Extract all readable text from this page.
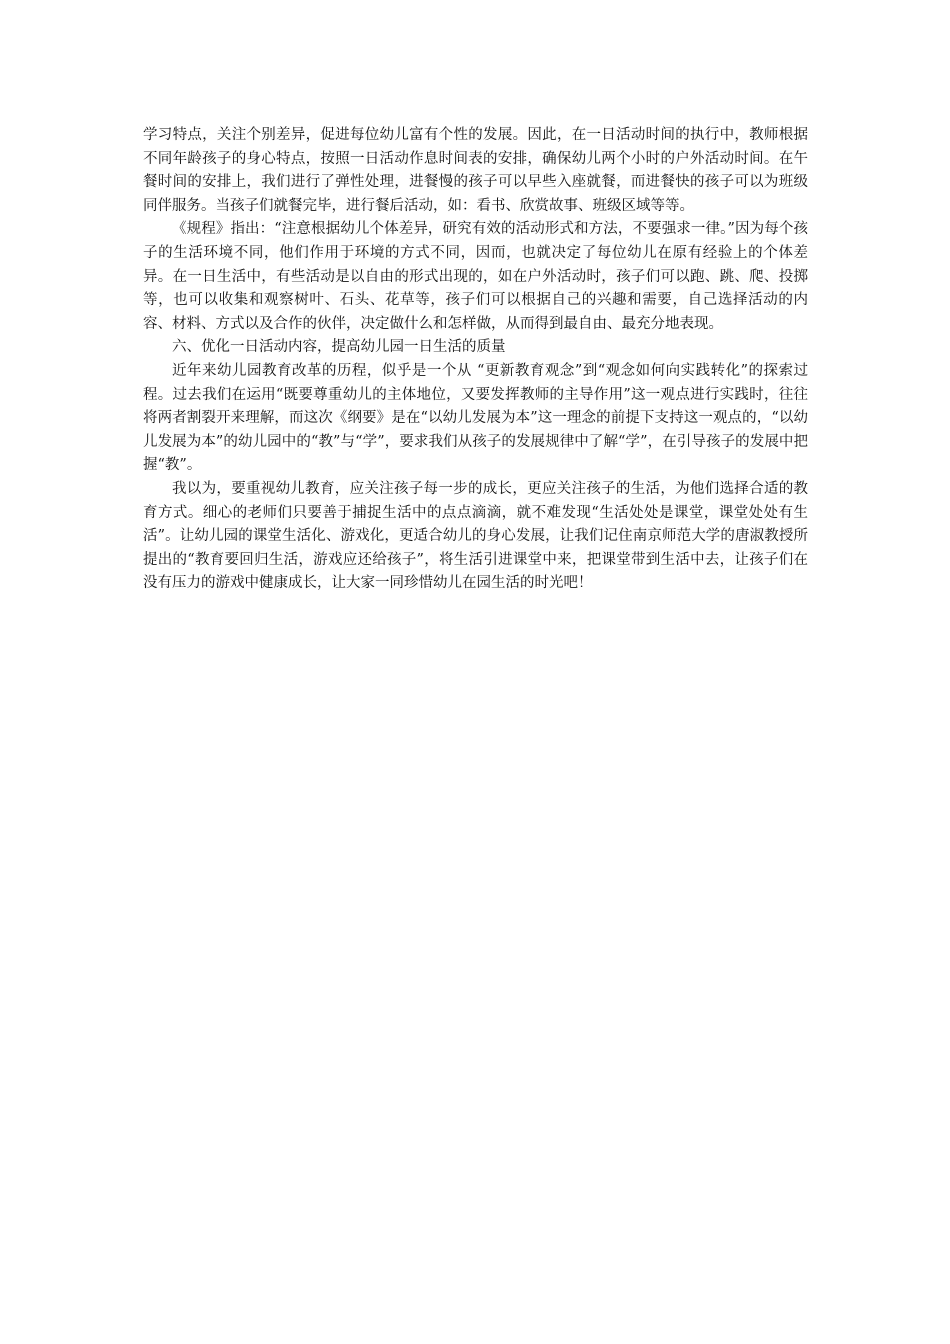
学习特点，关注个别差异，促进每位幼儿富有个性的发展。因此，在一日活动时间的执行中，教师根据不同年龄孩子的身心特点，按照一日活动作息时间表的安排，确保幼儿两个小时的户外活动时间。在午餐时间的安排上，我们进行了弹性处理，进餐慢的孩子可以早些入座就餐，而进餐快的孩子可以为班级同伴服务。当孩子们就餐完毕，进行餐后活动，如：看书、欣赏故事、班级区域等等。

《规程》指出：“注意根据幼儿个体差异，研究有效的活动形式和方法，不要强求一律。”因为每个孩子的生活环境不同，他们作用于环境的方式不同，因而，也就决定了每位幼儿在原有经验上的个体差异。在一日生活中，有些活动是以自由的形式出现的，如在户外活动时，孩子们可以跑、跳、爬、投掷等，也可以收集和观察树叶、石头、花草等，孩子们可以根据自己的兴趣和需要，自己选择活动的内容、材料、方式以及合作的伙伴，决定做什么和怎样做，从而得到最自由、最充分地表现。

六、优化一日活动内容，提高幼儿园一日生活的质量

近年来幼儿园教育改革的历程，似乎是一个从 “更新教育观念”到“观念如何向实践转化”的探索过程。过去我们在运用“既要尊重幼儿的主体地位，又要发挥教师的主导作用”这一观点进行实践时，往往将两者割裂开来理解，而这次《纲要》是在“以幼儿发展为本”这一理念的前提下支持这一观点的，“以幼儿发展为本”的幼儿园中的“教”与“学”，要求我们从孩子的发展规律中了解“学”，在引导孩子的发展中把握“教”。

我以为，要重视幼儿教育，应关注孩子每一步的成长，更应关注孩子的生活，为他们选择合适的教育方式。细心的老师们只要善于捕捉生活中的点点滴滴，就不难发现“生活处处是课堂，课堂处处有生活”。让幼儿园的课堂生活化、游戏化，更适合幼儿的身心发展，让我们记住南京师范大学的唐淑教授所提出的“教育要回归生活，游戏应还给孩子”，将生活引进课堂中来，把课堂带到生活中去，让孩子们在没有压力的游戏中健康成长，让大家一同珍惜幼儿在园生活的时光吧！
